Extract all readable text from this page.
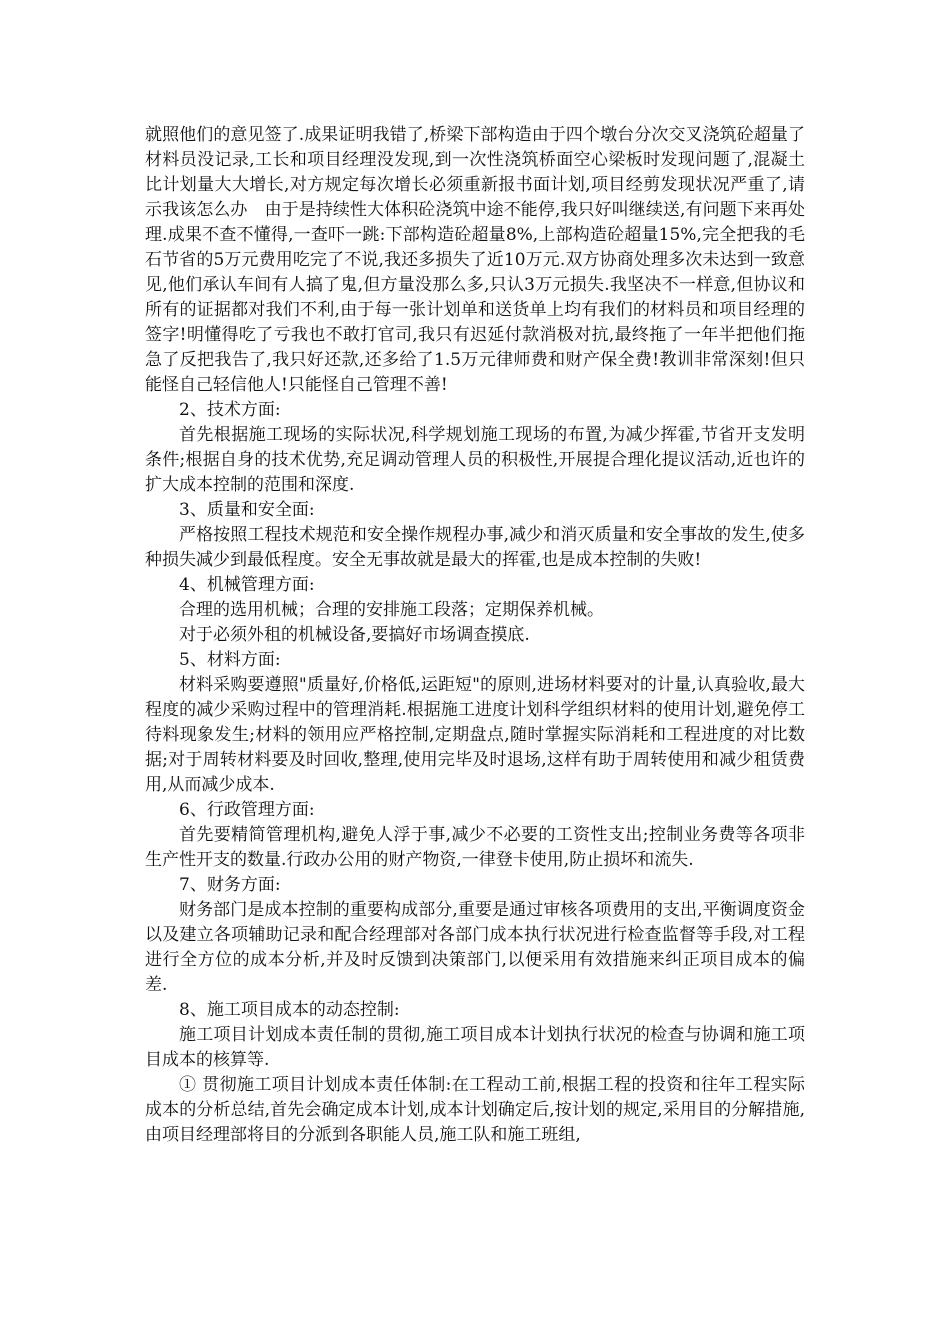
就照他们的意见签了.成果证明我错了,桥梁下部构造由于四个墩台分次交叉浇筑砼超量了材料员没记录,工长和项目经理没发现,到一次性浇筑桥面空心梁板时发现问题了,混凝土比计划量大大增长,对方规定每次增长必须重新报书面计划,项目经剪发现状况严重了,请示我该怎么办　由于是持续性大体积砼浇筑中途不能停,我只好叫继续送,有问题下来再处理.成果不查不懂得,一查吓一跳:下部构造砼超量8%,上部构造砼超量15%,完全把我的毛石节省的5万元费用吃完了不说,我还多损失了近10万元.双方协商处理多次未达到一致意见,他们承认车间有人搞了鬼,但方量没那么多,只认3万元损失.我坚决不一样意,但协议和所有的证据都对我们不利,由于每一张计划单和送货单上均有我们的材料员和项目经理的签字!明懂得吃了亏我也不敢打官司,我只有迟延付款消极对抗,最终拖了一年半把他们拖急了反把我告了,我只好还款,还多给了1.5万元律师费和财产保全费!教训非常深刻!但只能怪自己轻信他人!只能怪自己管理不善!

2、技术方面:

首先根据施工现场的实际状况,科学规划施工现场的布置,为减少挥霍,节省开支发明条件;根据自身的技术优势,充足调动管理人员的积极性,开展提合理化提议活动,近也许的扩大成本控制的范围和深度.

3、质量和安全面:

严格按照工程技术规范和安全操作规程办事,减少和消灭质量和安全事故的发生,使多种损失减少到最低程度。安全无事故就是最大的挥霍,也是成本控制的失败!

4、机械管理方面:

合理的选用机械；合理的安排施工段落；定期保养机械。

对于必须外租的机械设备,要搞好市场调查摸底.

5、材料方面:

材料采购要遵照"质量好,价格低,运距短"的原则,进场材料要对的计量,认真验收,最大程度的减少采购过程中的管理消耗.根据施工进度计划科学组织材料的使用计划,避免停工待料现象发生;材料的领用应严格控制,定期盘点,随时掌握实际消耗和工程进度的对比数据;对于周转材料要及时回收,整理,使用完毕及时退场,这样有助于周转使用和减少租赁费用,从而减少成本.

6、行政管理方面:

首先要精简管理机构,避免人浮于事,减少不必要的工资性支出;控制业务费等各项非生产性开支的数量.行政办公用的财产物资,一律登卡使用,防止损坏和流失.

7、财务方面:

财务部门是成本控制的重要构成部分,重要是通过审核各项费用的支出,平衡调度资金以及建立各项辅助记录和配合经理部对各部门成本执行状况进行检查监督等手段,对工程进行全方位的成本分析,并及时反馈到决策部门,以便采用有效措施来纠正项目成本的偏差.

8、施工项目成本的动态控制:

施工项目计划成本责任制的贯彻,施工项目成本计划执行状况的检查与协调和施工项目成本的核算等.

① 贯彻施工项目计划成本责任体制:在工程动工前,根据工程的投资和往年工程实际成本的分析总结,首先会确定成本计划,成本计划确定后,按计划的规定,采用目的分解措施,由项目经理部将目的分派到各职能人员,施工队和施工班组,
